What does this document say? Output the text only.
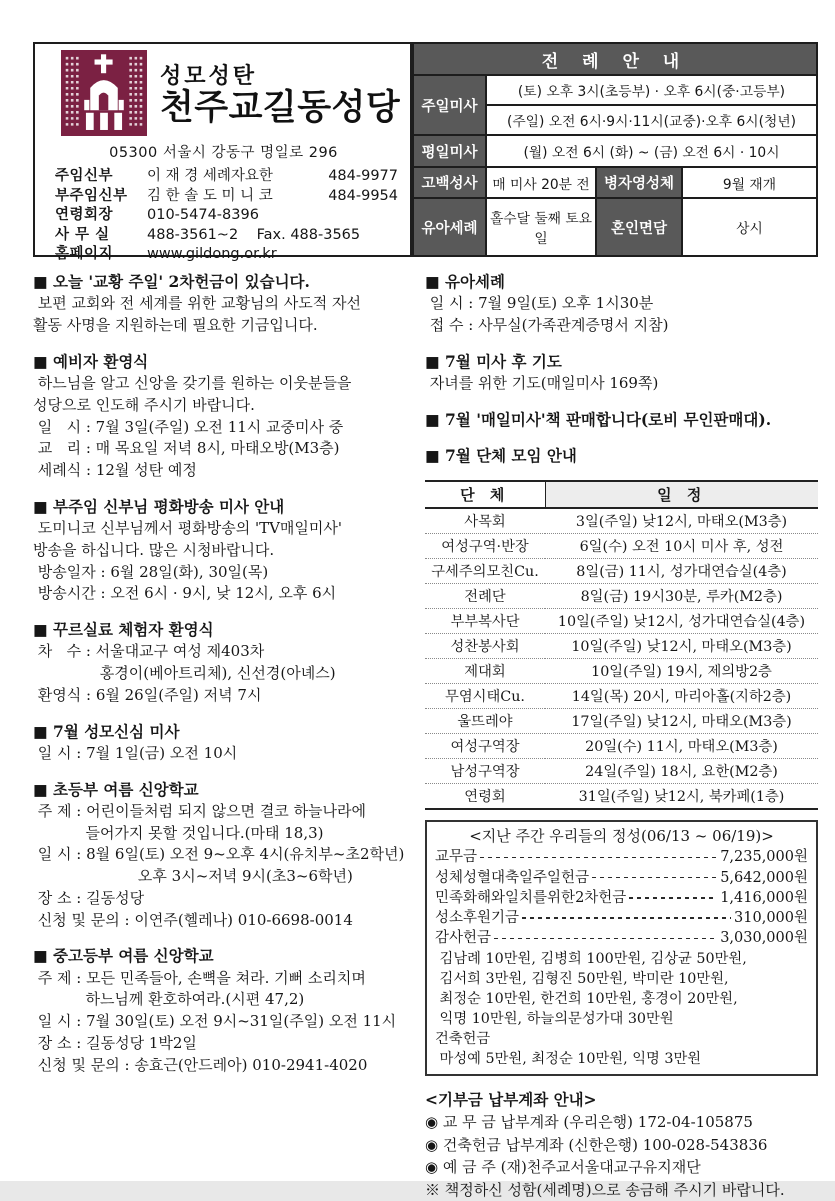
성모성탄
천주교길동성당
05300 서울시 강동구 명일로 296
주임신부	이 재 경 세례자요한	484-9977
부주임신부	김 한 솔 도 미 니 코	484-9954
연령회장	010-5474-8396
사 무 실	488-3561~2    Fax. 488-3565
홈페이지	www.gildong.or.kr
전 례 안 내			
주일미사	(토) 오후 3시(초등부) · 오후 6시(중·고등부)		
	(주일) 오전 6시·9시·11시(교중)·오후 6시(청년)		
평일미사	(월) 오전 6시 (화) ~ (금) 오전 6시 · 10시		
고백성사	매 미사 20분 전	병자영성체	9월 재개
유아세례	홀수달 둘째 토요일	혼인면담	상시
■ 오늘 '교황 주일' 2차헌금이 있습니다.
보편 교회와 전 세계를 위한 교황님의 사도적 자선
활동 사명을 지원하는데 필요한 기금입니다.
■ 예비자 환영식
하느님을 알고 신앙을 갖기를 원하는 이웃분들을
성당으로 인도해 주시기 바랍니다.
일   시 : 7월 3일(주일) 오전 11시 교중미사 중
교   리 : 매 목요일 저녁 8시, 마태오방(M3층)
세례식 : 12월 성탄 예정
■ 부주임 신부님 평화방송 미사 안내
도미니코 신부님께서 평화방송의 'TV매일미사'
방송을 하십니다. 많은 시청바랍니다.
방송일자 : 6월 28일(화), 30일(목)
방송시간 : 오전 6시 · 9시, 낮 12시, 오후 6시
■ 꾸르실료 체험자 환영식
차   수 : 서울대교구 여성 제403차
홍경이(베아트리체), 신선경(아녜스)
환영식 : 6월 26일(주일) 저녁 7시
■ 7월 성모신심 미사
일 시 : 7월 1일(금) 오전 10시
■ 초등부 여름 신앙학교
주 제 : 어린이들처럼 되지 않으면 결코 하늘나라에
들어가지 못할 것입니다.(마태 18,3)
일 시 : 8월 6일(토) 오전 9~오후 4시(유치부~초2학년)
오후 3시~저녁 9시(초3~6학년)
장 소 : 길동성당
신청 및 문의 : 이연주(헬레나) 010-6698-0014
■ 중고등부 여름 신앙학교
주 제 : 모든 민족들아, 손뼉을 쳐라. 기뻐 소리치며
하느님께 환호하여라.(시편 47,2)
일 시 : 7월 30일(토) 오전 9시~31일(주일) 오전 11시
장 소 : 길동성당 1박2일
신청 및 문의 : 송효근(안드레아) 010-2941-4020
■ 유아세례
일 시 : 7월 9일(토) 오후 1시30분
접 수 : 사무실(가족관계증명서 지참)
■ 7월 미사 후 기도
자녀를 위한 기도(매일미사 169쪽)
■ 7월 '매일미사'책 판매합니다(로비 무인판매대).
■ 7월 단체 모임 안내
단 체	일 정
사목회	3일(주일) 낮12시, 마태오(M3층)
여성구역·반장	6일(수) 오전 10시 미사 후, 성전
구세주의모친Cu.	8일(금) 11시, 성가대연습실(4층)
전례단	8일(금) 19시30분, 루카(M2층)
부부복사단	10일(주일) 낮12시, 성가대연습실(4층)
성찬봉사회	10일(주일) 낮12시, 마태오(M3층)
제대회	10일(주일) 19시, 제의방2층
무염시태Cu.	14일(목) 20시, 마리아홀(지하2층)
울뜨레야	17일(주일) 낮12시, 마태오(M3층)
여성구역장	20일(수) 11시, 마태오(M3층)
남성구역장	24일(주일) 18시, 요한(M2층)
연령회	31일(주일) 낮12시, 북카페(1층)
<지난 주간 우리들의 정성(06/13 ~ 06/19)>
교무금	7,235,000원
성체성혈대축일주일헌금	5,642,000원
민족화해와일치를위한2차헌금	1,416,000원
성소후원기금	310,000원
감사헌금	3,030,000원
김남례 10만원, 김병희 100만원, 김상균 50만원,
김서희 3만원, 김형진 50만원, 박미란 10만원,
최정순 10만원, 한건희 10만원, 홍경이 20만원,
익명 10만원, 하늘의문성가대 30만원
건축헌금
마성예 5만원, 최정순 10만원, 익명 3만원
<기부금 납부계좌 안내>
◉ 교 무 금 납부계좌 (우리은행) 172-04-105875
◉ 건축헌금 납부계좌 (신한은행) 100-028-543836
◉ 예 금 주 (재)천주교서울대교구유지재단
※ 책정하신 성함(세례명)으로 송금해 주시기 바랍니다.
